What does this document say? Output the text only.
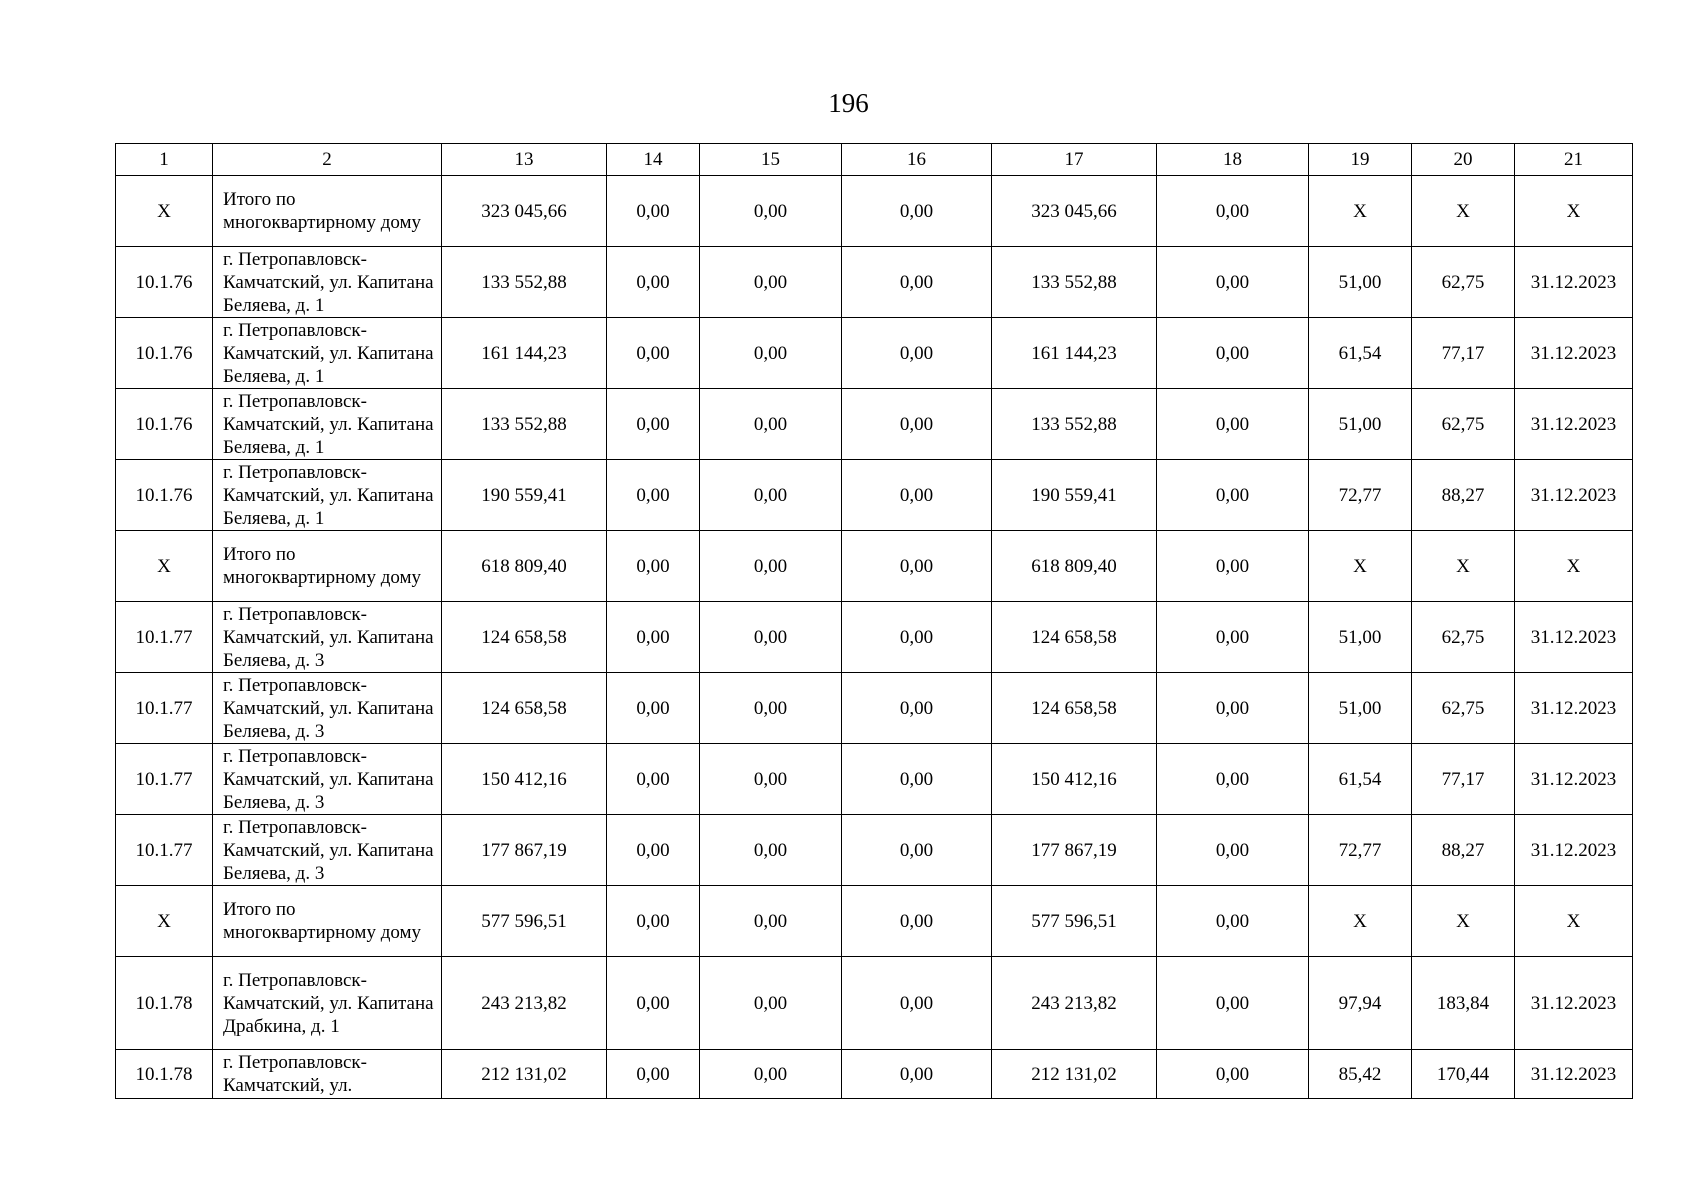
196
1	2	13	14	15	16	17	18	19	20	21
Х	Итого по многоквартирному дому	323 045,66	0,00	0,00	0,00	323 045,66	0,00	Х	Х	Х
10.1.76	г. Петропавловск-Камчатский, ул. Капитана Беляева, д. 1	133 552,88	0,00	0,00	0,00	133 552,88	0,00	51,00	62,75	31.12.2023
10.1.76	г. Петропавловск-Камчатский, ул. Капитана Беляева, д. 1	161 144,23	0,00	0,00	0,00	161 144,23	0,00	61,54	77,17	31.12.2023
10.1.76	г. Петропавловск-Камчатский, ул. Капитана Беляева, д. 1	133 552,88	0,00	0,00	0,00	133 552,88	0,00	51,00	62,75	31.12.2023
10.1.76	г. Петропавловск-Камчатский, ул. Капитана Беляева, д. 1	190 559,41	0,00	0,00	0,00	190 559,41	0,00	72,77	88,27	31.12.2023
Х	Итого по многоквартирному дому	618 809,40	0,00	0,00	0,00	618 809,40	0,00	Х	Х	Х
10.1.77	г. Петропавловск-Камчатский, ул. Капитана Беляева, д. 3	124 658,58	0,00	0,00	0,00	124 658,58	0,00	51,00	62,75	31.12.2023
10.1.77	г. Петропавловск-Камчатский, ул. Капитана Беляева, д. 3	124 658,58	0,00	0,00	0,00	124 658,58	0,00	51,00	62,75	31.12.2023
10.1.77	г. Петропавловск-Камчатский, ул. Капитана Беляева, д. 3	150 412,16	0,00	0,00	0,00	150 412,16	0,00	61,54	77,17	31.12.2023
10.1.77	г. Петропавловск-Камчатский, ул. Капитана Беляева, д. 3	177 867,19	0,00	0,00	0,00	177 867,19	0,00	72,77	88,27	31.12.2023
Х	Итого по многоквартирному дому	577 596,51	0,00	0,00	0,00	577 596,51	0,00	Х	Х	Х
10.1.78	г. Петропавловск-Камчатский, ул. Капитана Драбкина, д. 1	243 213,82	0,00	0,00	0,00	243 213,82	0,00	97,94	183,84	31.12.2023
10.1.78	г. Петропавловск-Камчатский, ул.	212 131,02	0,00	0,00	0,00	212 131,02	0,00	85,42	170,44	31.12.2023
